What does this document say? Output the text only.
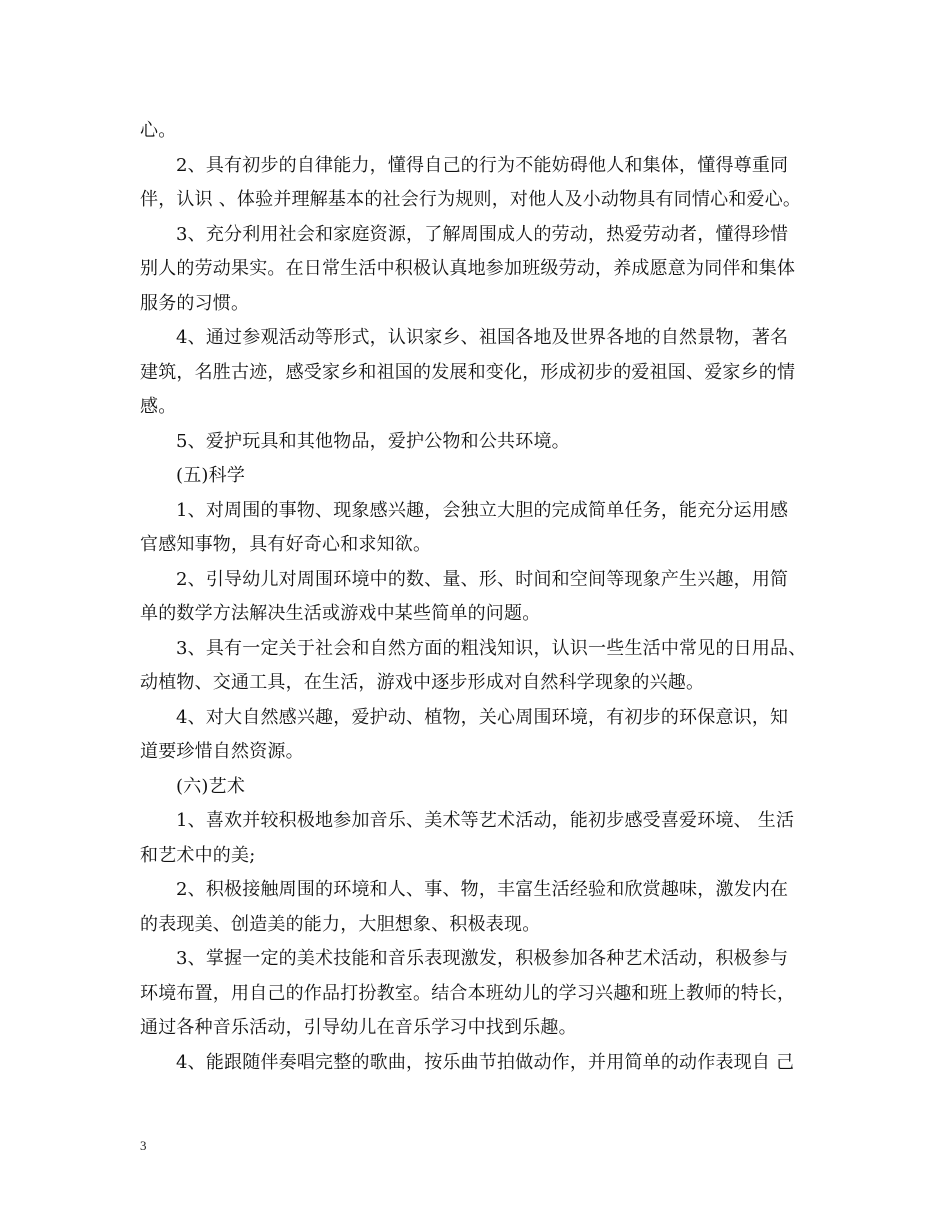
心。
2、具有初步的自律能力，懂得自己的行为不能妨碍他人和集体，懂得尊重同
伴，认识 、体验并理解基本的社会行为规则，对他人及小动物具有同情心和爱心。
3、充分利用社会和家庭资源，了解周围成人的劳动，热爱劳动者，懂得珍惜
别人的劳动果实。在日常生活中积极认真地参加班级劳动，养成愿意为同伴和集体
服务的习惯。
4、通过参观活动等形式，认识家乡、祖国各地及世界各地的自然景物，著名
建筑，名胜古迹，感受家乡和祖国的发展和变化，形成初步的爱祖国、爱家乡的情
感。
5、爱护玩具和其他物品，爱护公物和公共环境。
(五)科学
1、对周围的事物、现象感兴趣，会独立大胆的完成简单任务，能充分运用感
官感知事物，具有好奇心和求知欲。
2、引导幼儿对周围环境中的数、量、形、时间和空间等现象产生兴趣，用简
单的数学方法解决生活或游戏中某些简单的问题。
3、具有一定关于社会和自然方面的粗浅知识，认识一些生活中常见的日用品、
动植物、交通工具，在生活，游戏中逐步形成对自然科学现象的兴趣。
4、对大自然感兴趣，爱护动、植物，关心周围环境，有初步的环保意识，知
道要珍惜自然资源。
(六)艺术
1、喜欢并较积极地参加音乐、美术等艺术活动，能初步感受喜爱环境、 生活
和艺术中的美;
2、积极接触周围的环境和人、事、物，丰富生活经验和欣赏趣味，激发内在
的表现美、创造美的能力，大胆想象、积极表现。
3、掌握一定的美术技能和音乐表现激发，积极参加各种艺术活动，积极参与
环境布置，用自己的作品打扮教室。结合本班幼儿的学习兴趣和班上教师的特长，
通过各种音乐活动，引导幼儿在音乐学习中找到乐趣。
4、能跟随伴奏唱完整的歌曲，按乐曲节拍做动作，并用简单的动作表现自 己
3
